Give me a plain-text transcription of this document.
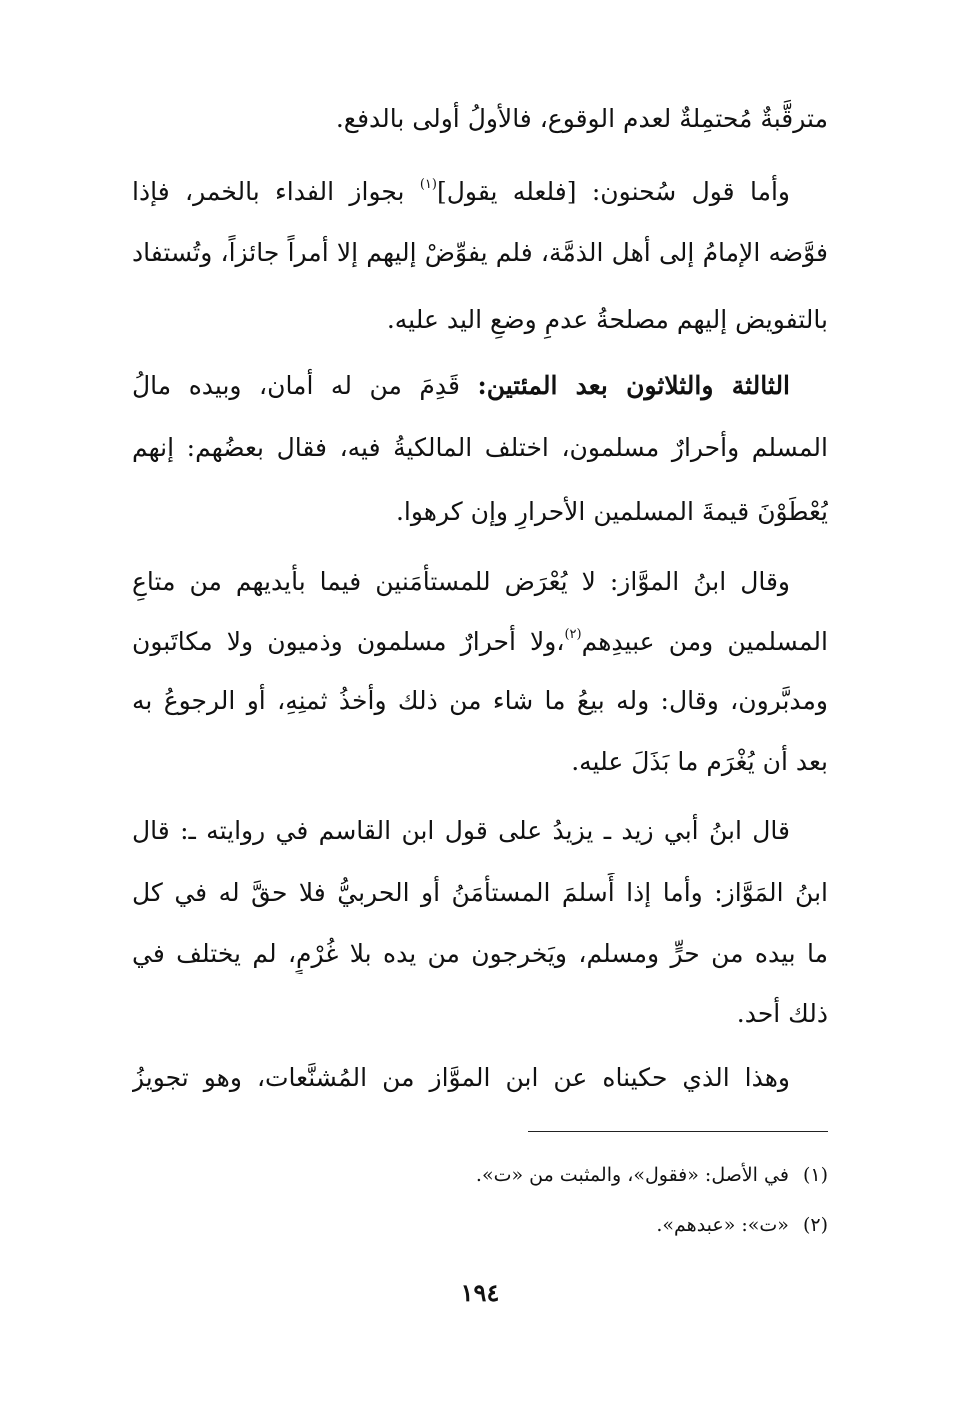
مترقَّبةٌ مُحتمِلةٌ لعدم الوقوع، فالأولُ أولى بالدفع.
وأما قول سُحنون: [فلعله يقول]$^{(١)}$ بجواز الفداء بالخمر، فإذا
فوَّضه الإمامُ إلى أهل الذمَّة، فلم يفوِّضْ إليهم إلا أمراً جائزاً، وتُستفاد
بالتفويض إليهم مصلحةُ عدمِ وضعِ اليد عليه.
الثالثة والثلاثون بعد المئتين: قَدِمَ من له أمان، وبيده مالُ
المسلم وأحرارٌ مسلمون، اختلف المالكيةُ فيه، فقال بعضُهم: إنهم
يُعْطَوْنَ قيمةَ المسلمين الأحرارِ وإن كرهوا.
وقال ابنُ الموَّاز: لا يُعْرَض للمستأمَنين فيما بأيديهم من متاعِ
المسلمين ومن عبيدِهم$^{(٢)}$،ولا أحرارٌ مسلمون وذميون ولا مكاتَبون
ومدبَّرون، وقال: وله بيعُ ما شاء من ذلك وأخذُ ثمنِهِ، أو الرجوعُ به
بعد أن يُغْرَم ما بَذَلَ عليه.
قال ابنُ أبي زيد ـ يزيدُ على قول ابن القاسم في روايته ـ: قال
ابنُ المَوَّاز: وأما إذا أَسلمَ المستأمَنُ أو الحربيُّ فلا حقَّ له في كل
ما بيده من حرٍّ ومسلم، ويَخرجون من يده بلا غُرْمٍ، لم يختلف في
ذلك أحد.
وهذا الذي حكيناه عن ابن الموَّاز من المُشنَّعات، وهو تجويزُ
(١)في الأصل: «فقول»، والمثبت من «ت».
(٢)«ت»: «عبدهم».
١٩٤
